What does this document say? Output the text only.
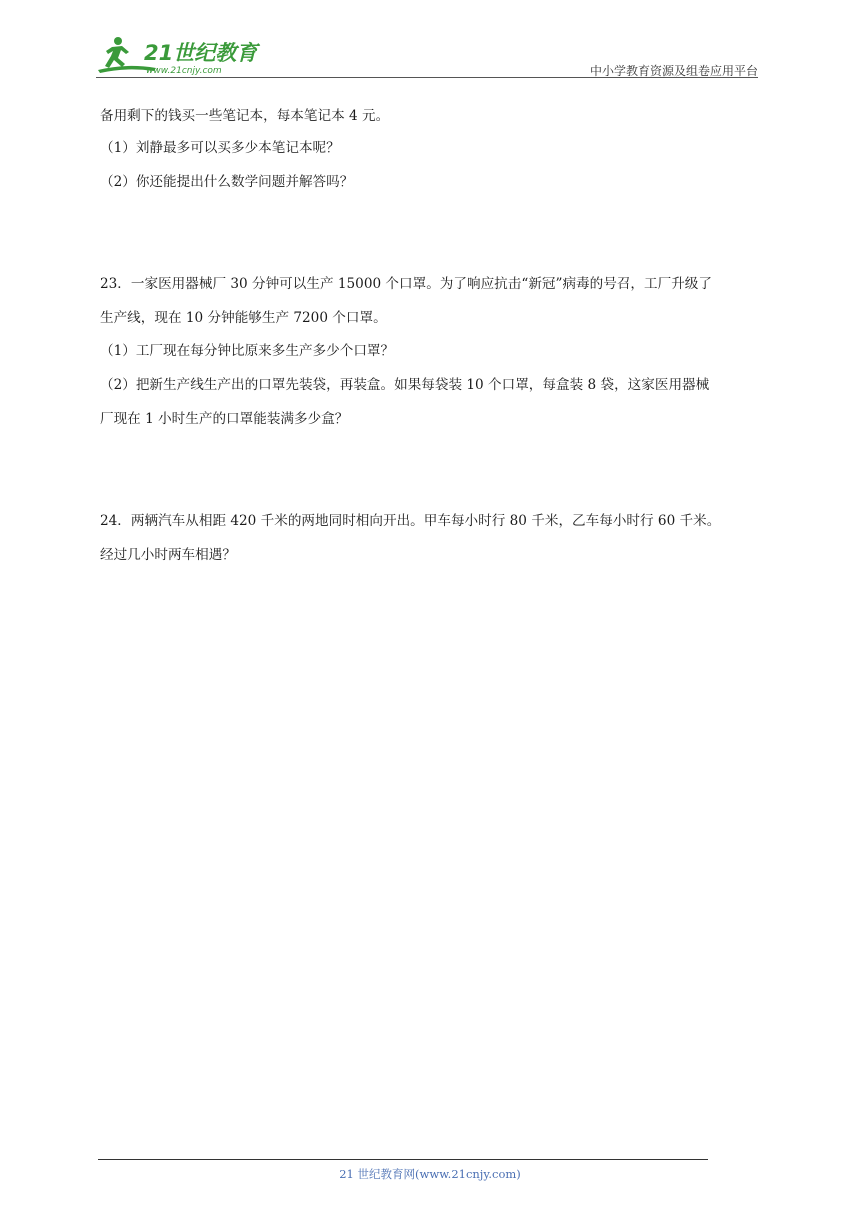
21世纪教育
www.21cnjy.com	中小学教育资源及组卷应用平台
备用剩下的钱买一些笔记本，每本笔记本 4 元。
（1）刘静最多可以买多少本笔记本呢？
（2）你还能提出什么数学问题并解答吗？
23．一家医用器械厂 30 分钟可以生产 15000 个口罩。为了响应抗击“新冠”病毒的号召，工厂升级了
生产线，现在 10 分钟能够生产 7200 个口罩。
（1）工厂现在每分钟比原来多生产多少个口罩？
（2）把新生产线生产出的口罩先装袋，再装盒。如果每袋装 10 个口罩，每盒装 8 袋，这家医用器械
厂现在 1 小时生产的口罩能装满多少盒？
24．两辆汽车从相距 420 千米的两地同时相向开出。甲车每小时行 80 千米，乙车每小时行 60 千米。
经过几小时两车相遇？
21 世纪教育网(www.21cnjy.com)
